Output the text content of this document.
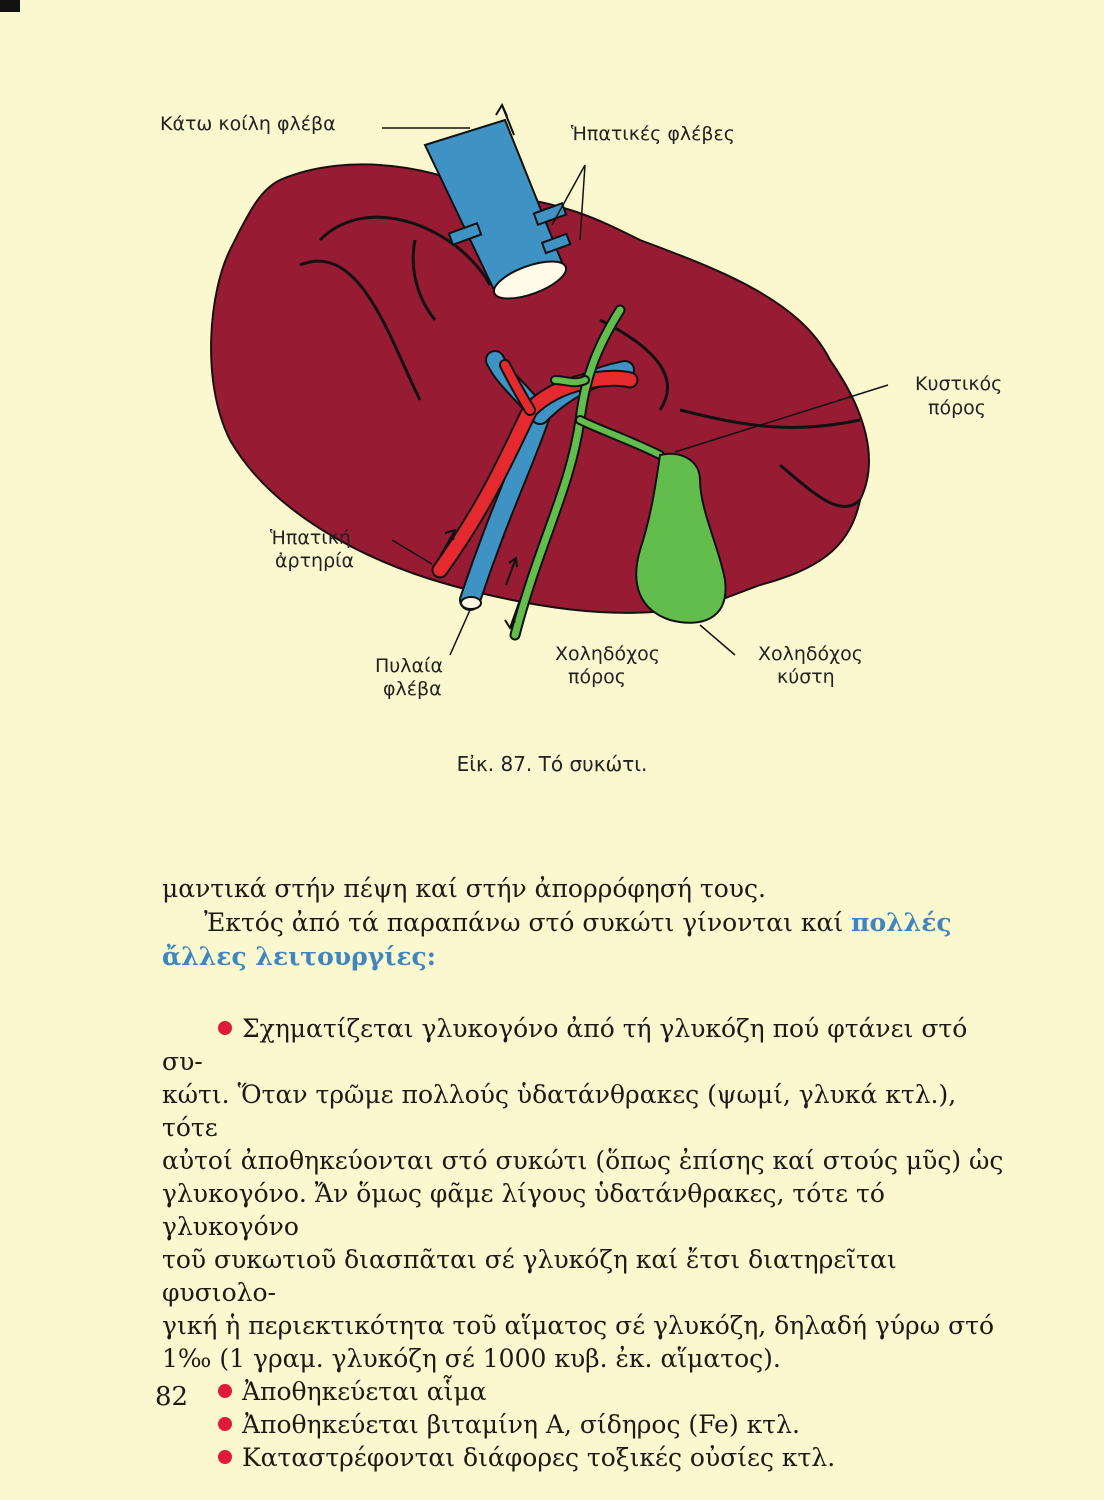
Κάτω κοίλη φλέβα	Ἡπατικές φλέβες
Κυστικός
πόρος
Ἡπατική
ἀρτηρία
Πυλαία
φλέβα
Χοληδόχος
πόρος
Χοληδόχος
κύστη
Εἰκ. 87. Τό συκώτι.

μαντικά στήν πέψη καί στήν ἀπορρόφησή τους.

Ἐκτός ἀπό τά παραπάνω στό συκώτι γίνονται καί πολλές ἄλλες λειτουργίες:

Σχηματίζεται γλυκογόνο ἀπό τή γλυκόζη πού φτάνει στό συ-

κώτι. Ὅταν τρῶμε πολλούς ὑδατάνθρακες (ψωμί, γλυκά κτλ.), τότε

αὐτοί ἀποθηκεύονται στό συκώτι (ὅπως ἐπίσης καί στούς μῦς) ὡς

γλυκογόνο. Ἄν ὅμως φᾶμε λίγους ὑδατάνθρακες, τότε τό γλυκογόνο

τοῦ συκωτιοῦ διασπᾶται σέ γλυκόζη καί ἔτσι διατηρεῖται φυσιολο-

γική ἡ περιεκτικότητα τοῦ αἵματος σέ γλυκόζη, δηλαδή γύρω στό

1‰ (1 γραμ. γλυκόζη σέ 1000 κυβ. ἐκ. αἵματος).

Ἀποθηκεύεται αἷμα

Ἀποθηκεύεται βιταμίνη Α, σίδηρος (Fe) κτλ.

Καταστρέφονται διάφορες τοξικές οὐσίες κτλ.

82
